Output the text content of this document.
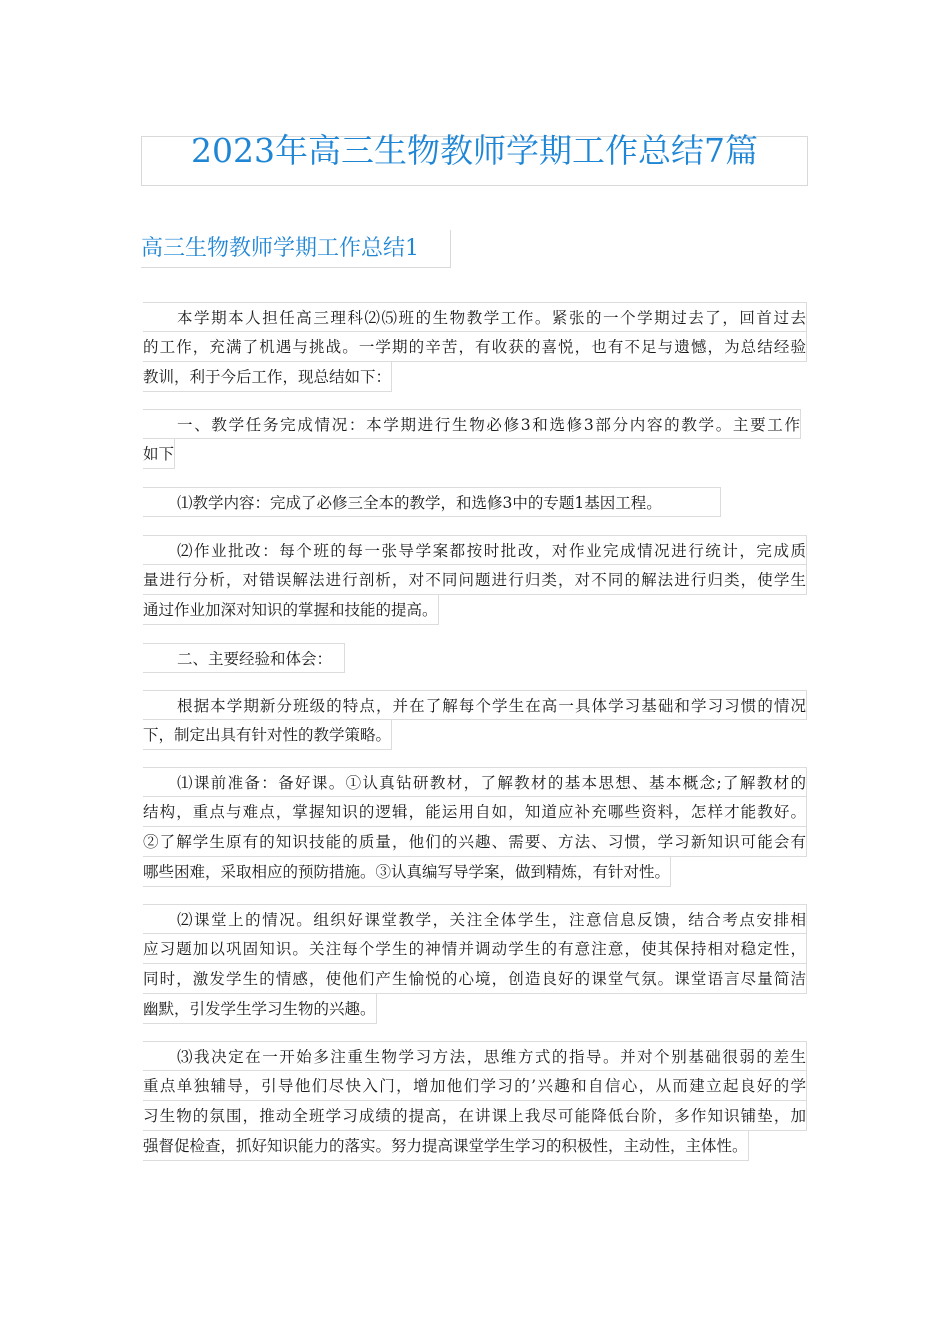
2023年高三生物教师学期工作总结7篇
高三生物教师学期工作总结1
本学期本人担任高三理科⑵⑸班的生物教学工作。紧张的一个学期过去了，回首过去
的工作，充满了机遇与挑战。一学期的辛苦，有收获的喜悦，也有不足与遗憾，为总结经验
教训，利于今后工作，现总结如下：
一、教学任务完成情况：本学期进行生物必修3和选修3部分内容的教学。主要工作
如下
⑴教学内容：完成了必修三全本的教学，和选修3中的专题1基因工程。
⑵作业批改：每个班的每一张导学案都按时批改，对作业完成情况进行统计，完成质
量进行分析，对错误解法进行剖析，对不同问题进行归类，对不同的解法进行归类，使学生
通过作业加深对知识的掌握和技能的提高。
二、主要经验和体会：
根据本学期新分班级的特点，并在了解每个学生在高一具体学习基础和学习习惯的情况
下，制定出具有针对性的教学策略。
⑴课前准备：备好课。①认真钻研教材，了解教材的基本思想、基本概念;了解教材的
结构，重点与难点，掌握知识的逻辑，能运用自如，知道应补充哪些资料，怎样才能教好。
②了解学生原有的知识技能的质量，他们的兴趣、需要、方法、习惯，学习新知识可能会有
哪些困难，采取相应的预防措施。③认真编写导学案，做到精炼，有针对性。
⑵课堂上的情况。组织好课堂教学，关注全体学生，注意信息反馈，结合考点安排相
应习题加以巩固知识。关注每个学生的神情并调动学生的有意注意，使其保持相对稳定性，
同时，激发学生的情感，使他们产生愉悦的心境，创造良好的课堂气氛。课堂语言尽量简洁
幽默，引发学生学习生物的兴趣。
⑶我决定在一开始多注重生物学习方法，思维方式的指导。并对个别基础很弱的差生
重点单独辅导，引导他们尽快入门，增加他们学习的’兴趣和自信心，从而建立起良好的学
习生物的氛围，推动全班学习成绩的提高，在讲课上我尽可能降低台阶，多作知识铺垫，加
强督促检查，抓好知识能力的落实。努力提高课堂学生学习的积极性，主动性，主体性。
